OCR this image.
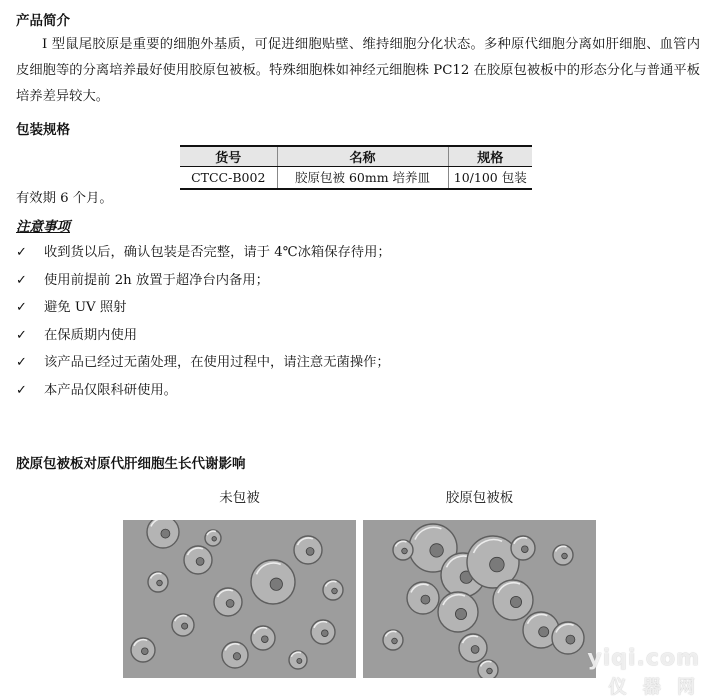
产品简介
I 型鼠尾胶原是重要的细胞外基质，可促进细胞贴壁、维持细胞分化状态。多种原代细胞分离如肝细胞、血管内皮细胞等的分离培养最好使用胶原包被板。特殊细胞株如神经元细胞株 PC12 在胶原包被板中的形态分化与普通平板培养差异较大。
包装规格
货号	名称	规格
CTCC-B002	胶原包被 60mm 培养皿	10/100 包装
有效期 6 个月。
注意事项
✓ 收到货以后，确认包装是否完整，请于 4℃冰箱保存待用；
✓ 使用前提前 2h 放置于超净台内备用；
✓ 避免 UV 照射
✓ 在保质期内使用
✓ 该产品已经过无菌处理，在使用过程中，请注意无菌操作；
✓ 本产品仅限科研使用。
胶原包被板对原代肝细胞生长代谢影响
未包被	胶原包被板
yiqi.com
仪 器 网
